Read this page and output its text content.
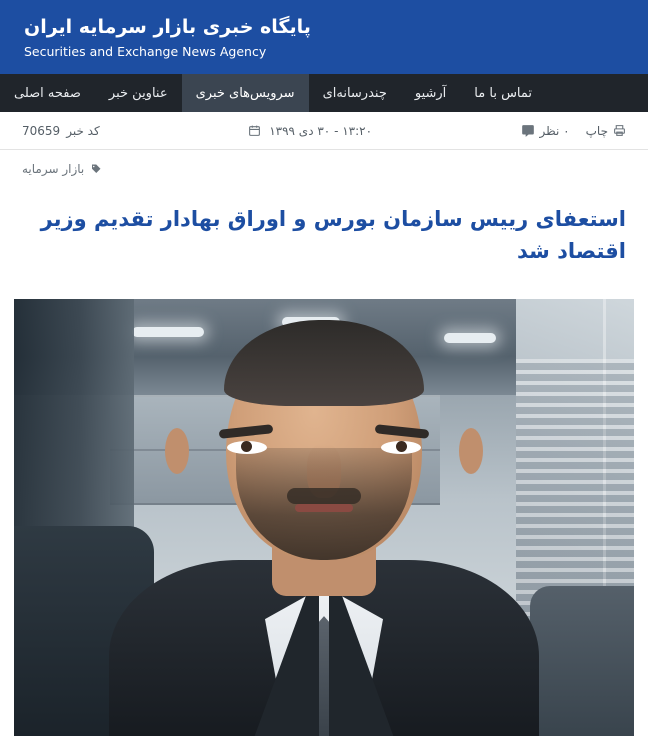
پایگاه خبری بازار سرمایه ایران
Securities and Exchange News Agency
تماس با ما
آرشیو
چندرسانه‌ای
سرویس‌های خبری
عناوین خبر
صفحه اصلی
چاپ
۰ نظر
۱۳:۲۰ - ۳۰ دی ۱۳۹۹
کد خبر
70659
بازار سرمایه
استعفای رییس سازمان بورس و اوراق بهادار تقدیم وزیر اقتصاد شد
